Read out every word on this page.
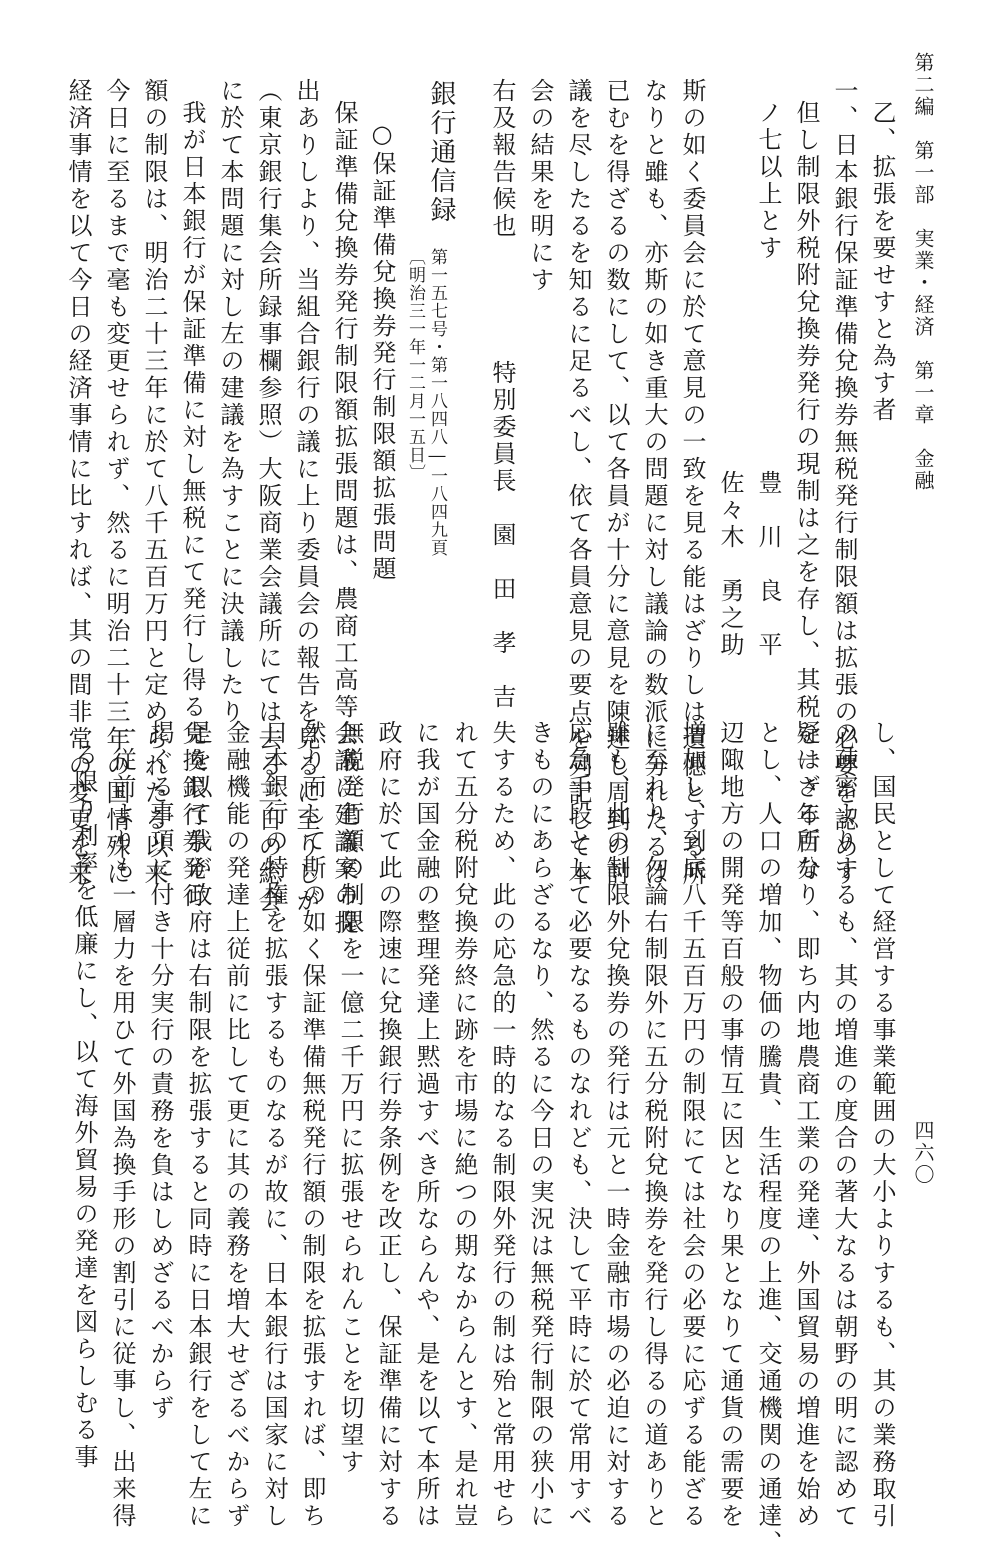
第二編　第一部　実業・経済　第一章　金融
四六〇
乙、拡張を要せすと為す者
一、日本銀行保証準備兌換券無税発行制限額は拡張の必要を認めす
但し制限外税附兌換券発行の現制は之を存し、其税を一ヶ年百分
ノ七以上とす
豊　川　良　平
佐々木　勇之助
斯の如く委員会に於て意見の一致を見る能はざりしは遺憾とする所
なりと雖も、亦斯の如き重大の問題に対し議論の数派に分れたるは
已むを得ざるの数にして、以て各員が十分に意見を陳述し周到の討
議を尽したるを知るに足るべし、依て各員意見の要点を列記して本
会の結果を明にす
右及報告候也
特別委員長　園　田　孝　吉
銀行通信録
第一五七号・第一八四八―一八四九頁
〔明治三一年一二月一五日〕
○保証準備兌換券発行制限額拡張問題
保証準備兌換券発行制限額拡張問題は、農商工高等会議に建議案の提
出ありしより、当組合銀行の議に上り委員会の報告を見るに至りしが
（東京銀行集会所録事欄参照）大阪商業会議所にては去る三日の総会
に於て本問題に対し左の建議を為すことに決議したり
我が日本銀行が保証準備に対し無税にて発行し得る兌換銀行券発行
額の制限は、明治二十三年に於て八千五百万円と定められたる以来
今日に至るまで毫も変更せられず、然るに明治二十三年の国情殊に
経済事情を以て今日の経済事情に比すれば、其の間非常の変更を来
し、国民として経営する事業範囲の大小よりするも、其の業務取引
の疎密よりするも、其の増進の度合の著大なるは朝野の明に認めて
疑はざる所なり、即ち内地農商工業の発達、外国貿易の増進を始め
とし、人口の増加、物価の騰貴、生活程度の上進、交通機関の通達、
辺陬地方の開発等百般の事情互に因となり果となりて通貨の需要を
増加し、到底八千五百万円の制限にては社会の必要に応ずる能ざる
に至れり、勿論右制限外に五分税附兌換券を発行し得るの道ありと
雖も、此の制限外兌換券の発行は元と一時金融市場の必迫に対する
応急手段として必要なるものなれども、決して平時に於て常用すべ
きものにあらざるなり、然るに今日の実況は無税発行制限の狭小に
失するため、此の応急的一時的なる制限外発行の制は殆と常用せら
れて五分税附兌換券終に跡を市場に絶つの期なからんとす、是れ豈
に我が国金融の整理発達上黙過すべき所ならんや、是を以て本所は
政府に於て此の際速に兌換銀行券条例を改正し、保証準備に対する
無税発行額の制限を一億二千万円に拡張せられんことを切望す
然り而して斯の如く保証準備無税発行額の制限を拡張すれば、即ち
日本銀行の特権を拡張するものなるが故に、日本銀行は国家に対し
金融機能の発達上従前に比して更に其の義務を増大せざるべからず
是を以て我が政府は右制限を拡張すると同時に日本銀行をして左に
掲ぐる事項に付き十分実行の責務を負はしめざるべからず
一従前よりも一層力を用ひて外国為換手形の割引に従事し、出来得
る限り利率を低廉にし、以て海外貿易の発達を図らしむる事
